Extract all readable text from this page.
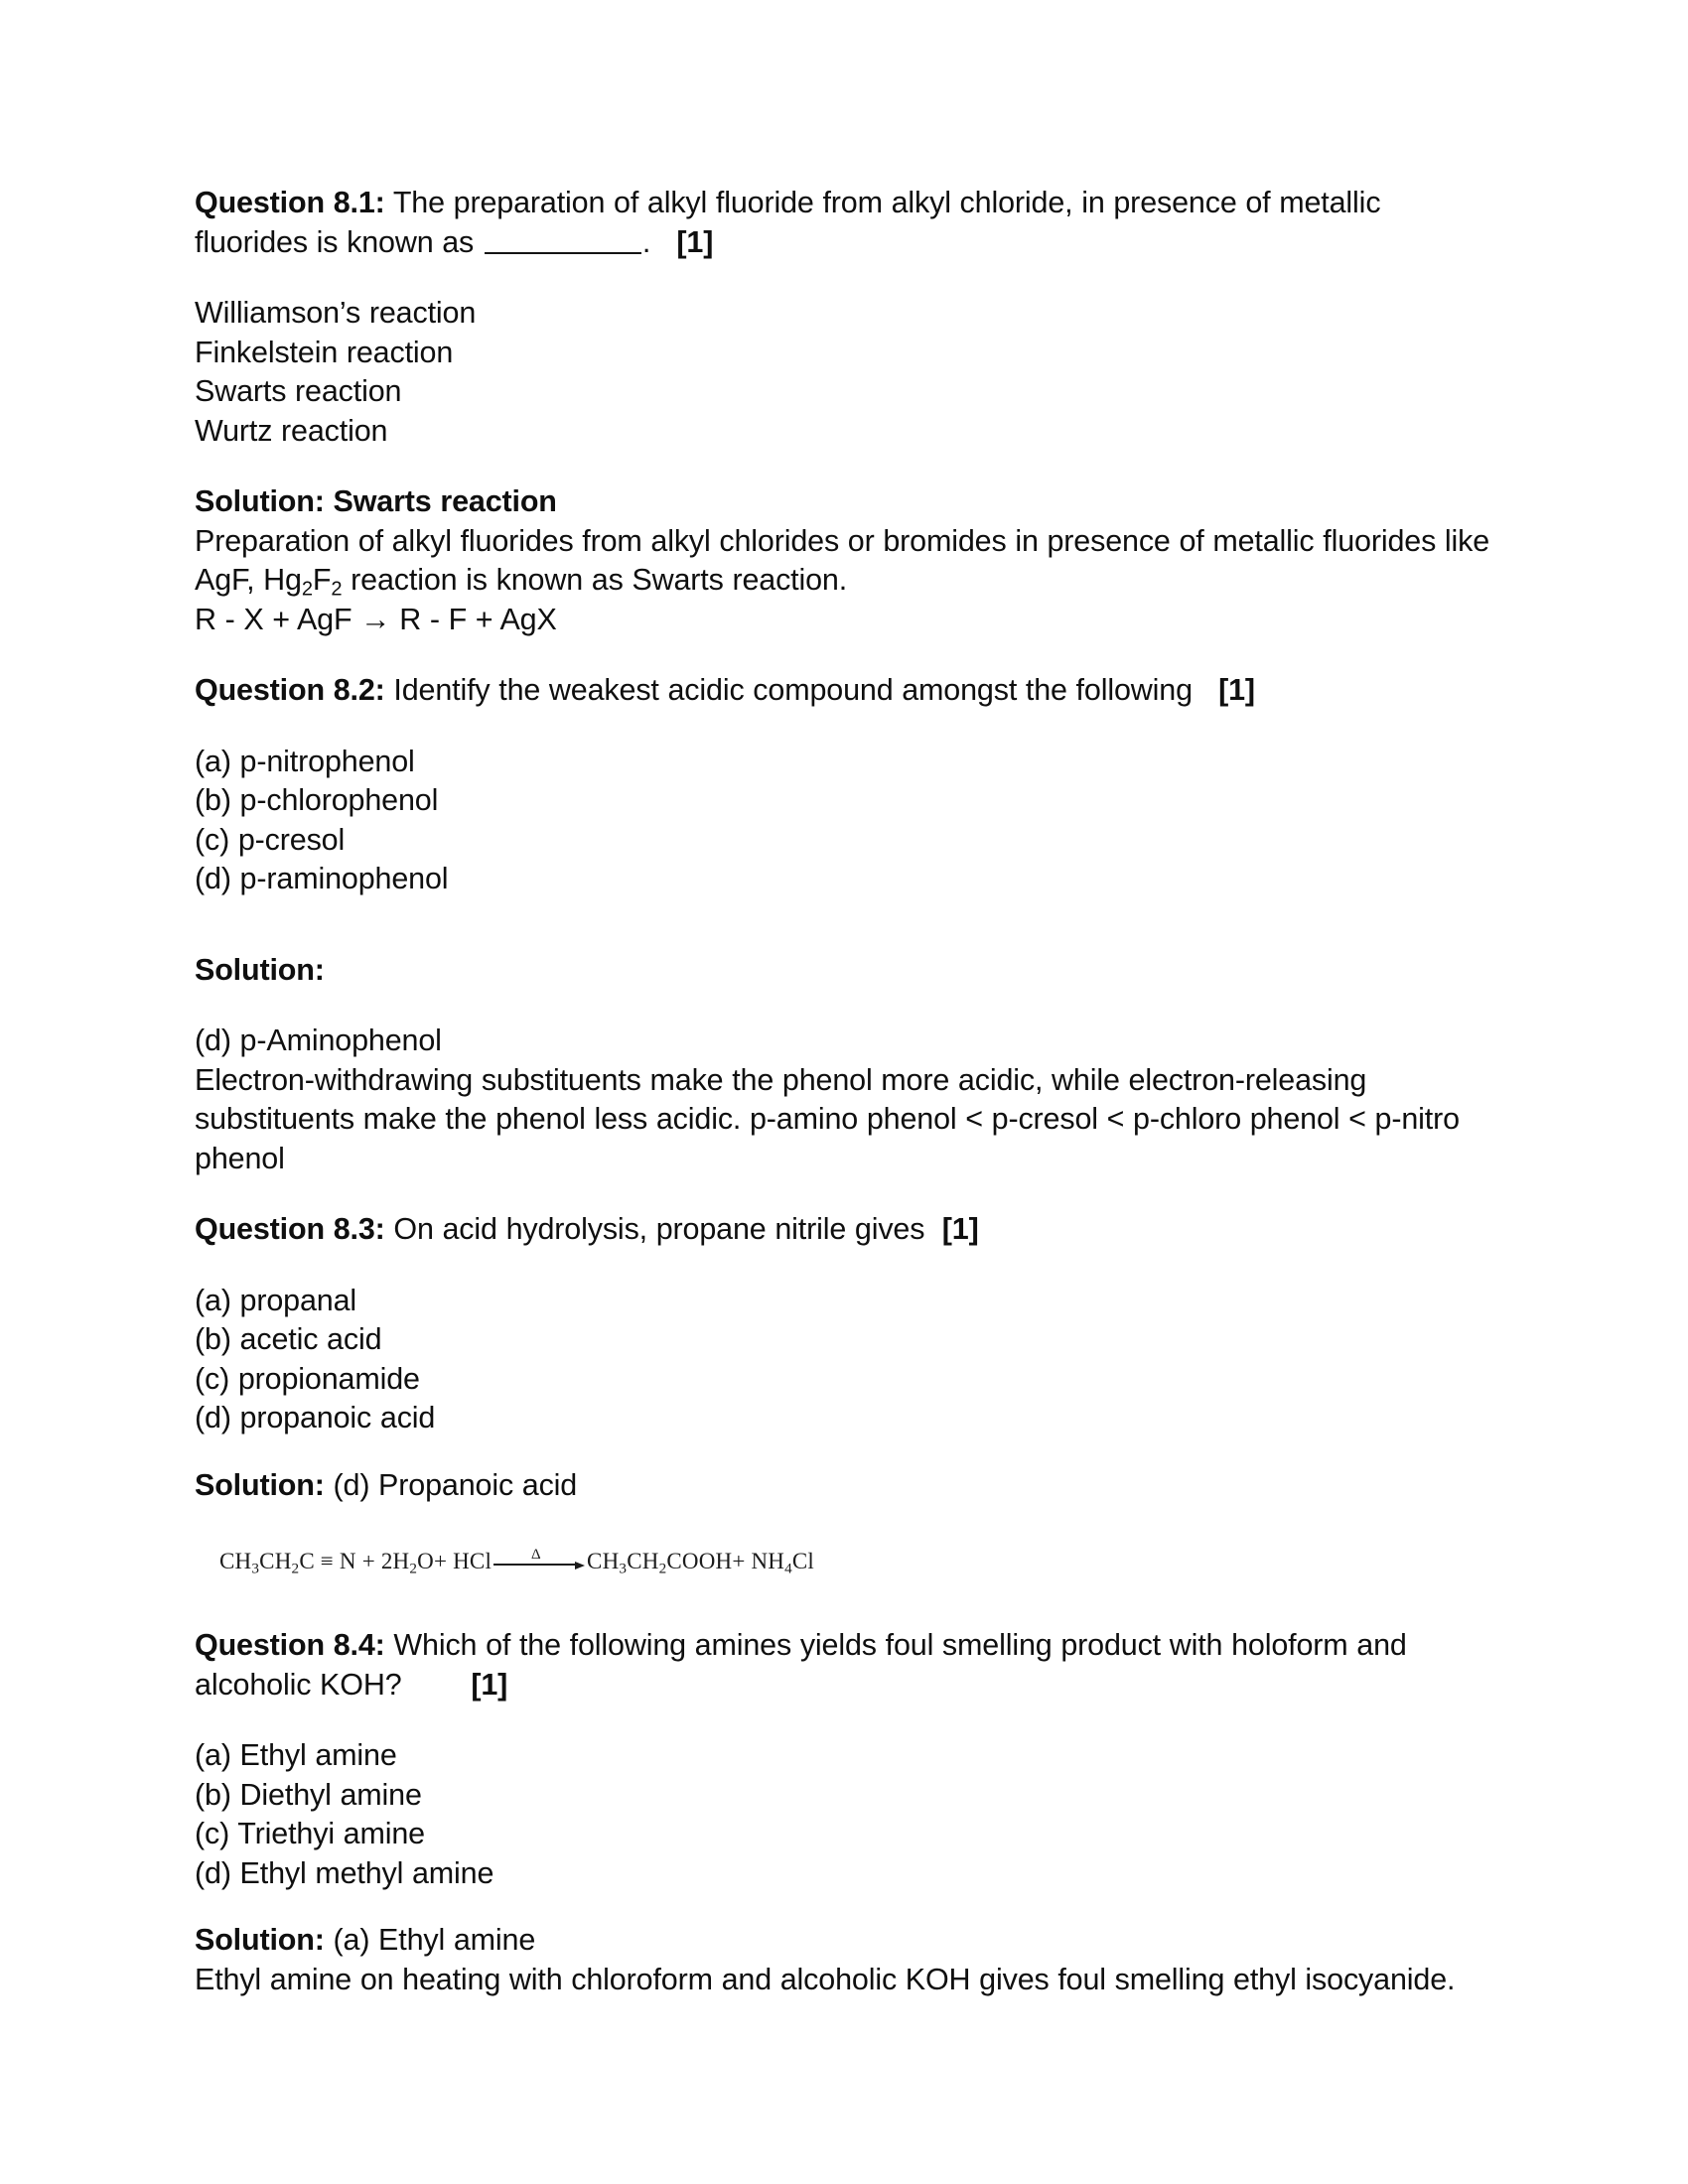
Question 8.1: The preparation of alkyl fluoride from alkyl chloride, in presence of metallic fluorides is known as	. [1]

Williamson’s reaction

Finkelstein reaction

Swarts reaction

Wurtz reaction

Solution: Swarts reaction

Preparation of alkyl fluorides from alkyl chlorides or bromides in presence of metallic fluorides like AgF, $Hg_2F_2$ reaction is known as Swarts reaction.

R - X + AgF → R - F + AgX

Question 8.2: Identify the weakest acidic compound amongst the following [1]

(a) p-nitrophenol

(b) p-chlorophenol

(c) p-cresol

(d) p-raminophenol

Solution:

(d) p-Aminophenol

Electron-withdrawing substituents make the phenol more acidic, while electron-releasing substituents make the phenol less acidic. p-amino phenol < p-cresol < p-chloro phenol < p-nitro phenol

Question 8.3: On acid hydrolysis, propane nitrile gives [1]

(a) propanal

(b) acetic acid

(c) propionamide

(d) propanoic acid

Solution: (d) Propanoic acid

$CH_3CH_2C \equiv N + 2H_2O$ + HCl	Δ $CH_3CH_2COOH + NH_4Cl$

Question 8.4: Which of the following amines yields foul smelling product with holoform and alcoholic KOH? [1]

(a) Ethyl amine

(b) Diethyl amine

(c) Triethyi amine

(d) Ethyl methyl amine

Solution: (a) Ethyl amine

Ethyl amine on heating with chloroform and alcoholic KOH gives foul smelling ethyl isocyanide.
